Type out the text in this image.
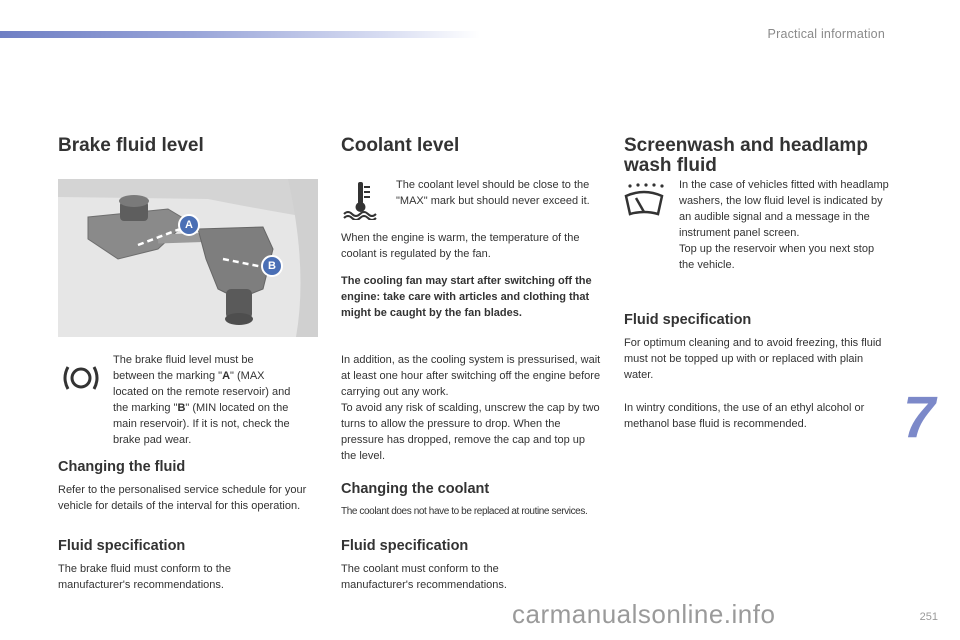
Practical information
Brake fluid level
A
B
The brake fluid level must be
between the marking "A" (MAX
located on the remote reservoir) and
the marking "B" (MIN located on the
main reservoir). If it is not, check the
brake pad wear.
Changing the fluid
Refer to the personalised service schedule for your vehicle for details of the interval for this operation.
Fluid specification
The brake fluid must conform to the manufacturer's recommendations.
Coolant level
The coolant level should be close to the "MAX" mark but should never exceed it.
When the engine is warm, the temperature of the coolant is regulated by the fan.
The cooling fan may start after switching off the engine: take care with articles and clothing that might be caught by the fan blades.
In addition, as the cooling system is pressurised, wait at least one hour after switching off the engine before carrying out any work.
To avoid any risk of scalding, unscrew the cap by two turns to allow the pressure to drop. When the pressure has dropped, remove the cap and top up the level.
Changing the coolant
The coolant does not have to be replaced at routine services.
Fluid specification
The coolant must conform to the manufacturer's recommendations.
Screenwash and headlamp
wash fluid
In the case of vehicles fitted with headlamp washers, the low fluid level is indicated by an audible signal and a message in the instrument panel screen.
Top up the reservoir when you next stop the vehicle.
Fluid specification
For optimum cleaning and to avoid freezing, this fluid must not be topped up with or replaced with plain water.
In wintry conditions, the use of an ethyl alcohol or methanol base fluid is recommended.	7
251
carmanualsonline.info
